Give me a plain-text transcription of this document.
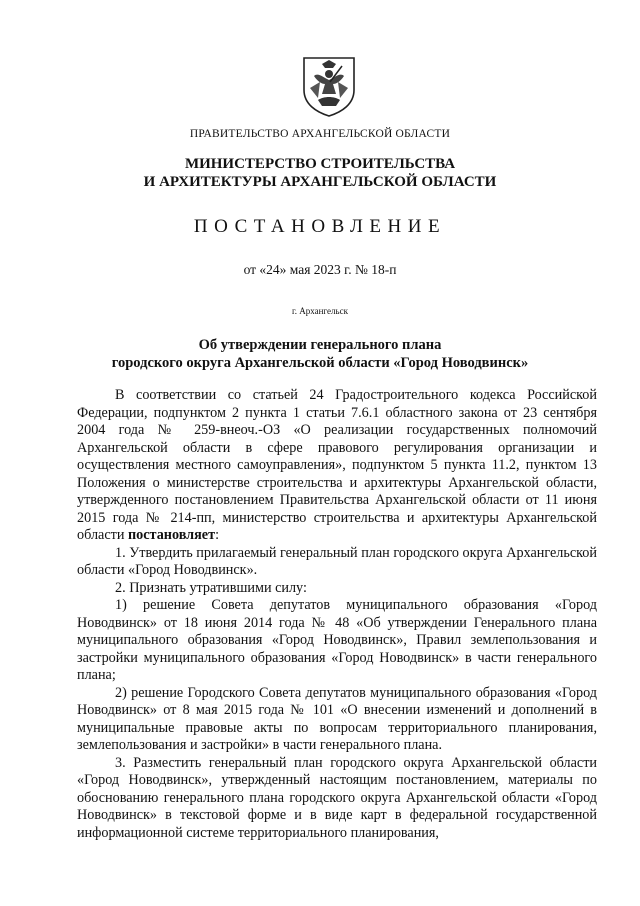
ПРАВИТЕЛЬСТВО АРХАНГЕЛЬСКОЙ ОБЛАСТИ
МИНИСТЕРСТВО СТРОИТЕЛЬСТВА
И АРХИТЕКТУРЫ АРХАНГЕЛЬСКОЙ ОБЛАСТИ
ПОСТАНОВЛЕНИЕ
от «24» мая 2023 г. № 18-п
г. Архангельск
Об утверждении генерального плана
городского округа Архангельской области «Город Новодвинск»

В соответствии со статьей 24 Градостроительного кодекса Российской Федерации, подпунктом 2 пункта 1 статьи 7.6.1 областного закона от 23 сентября 2004 года № 259-внеоч.-ОЗ «О реализации государственных полномочий Архангельской области в сфере правового регулирования организации и осуществления местного самоуправления», подпунктом 5 пункта 11.2, пунктом 13 Положения о министерстве строительства и архитектуры Архангельской области, утвержденного постановлением Правительства Архангельской области от 11 июня 2015 года № 214-пп, министерство строительства и архитектуры Архангельской области постановляет:

1. Утвердить прилагаемый генеральный план городского округа Архангельской области «Город Новодвинск».

2. Признать утратившими силу:

1) решение Совета депутатов муниципального образования «Город Новодвинск» от 18 июня 2014 года № 48 «Об утверждении Генерального плана муниципального образования «Город Новодвинск», Правил землепользования и застройки муниципального образования «Город Новодвинск» в части генерального плана;

2) решение Городского Совета депутатов муниципального образования «Город Новодвинск» от 8 мая 2015 года № 101 «О внесении изменений и дополнений в муниципальные правовые акты по вопросам территориального планирования, землепользования и застройки» в части генерального плана.

3. Разместить генеральный план городского округа Архангельской области «Город Новодвинск», утвержденный настоящим постановлением, материалы по обоснованию генерального плана городского округа Архангельской области «Город Новодвинск» в текстовой форме и в виде карт в федеральной государственной информационной системе территориального планирования,
